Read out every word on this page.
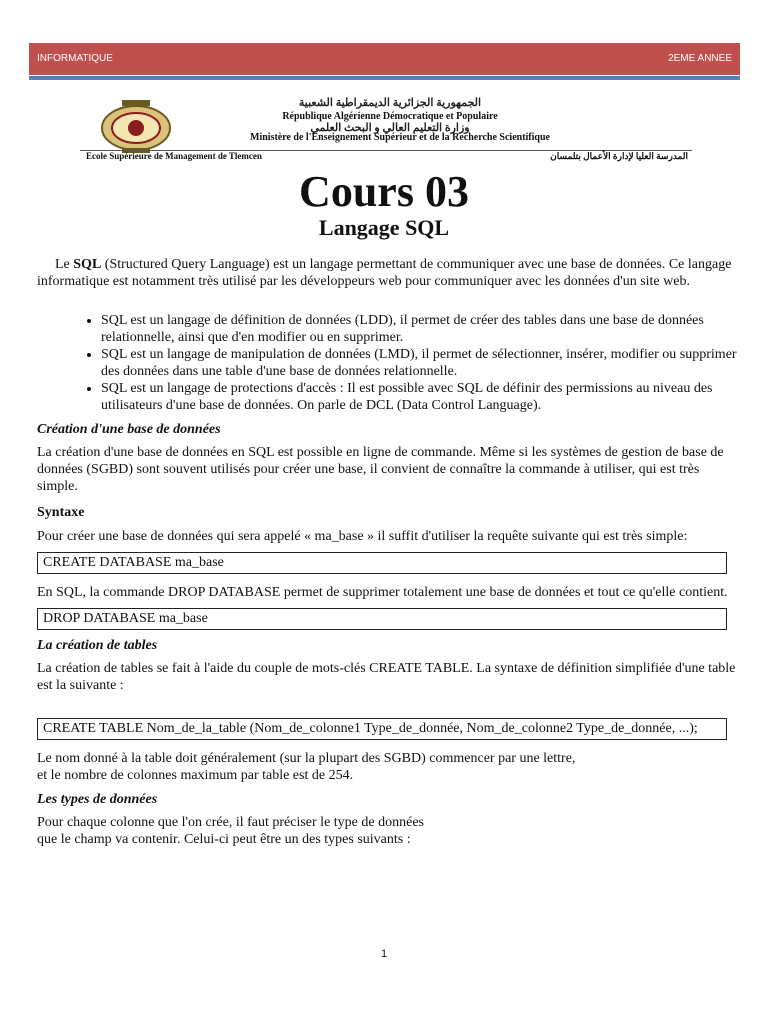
INFORMATIQUE	2EME ANNEE
الجمهورية الجزائرية الديمقراطية الشعبية
République Algérienne Démocratique et Populaire
وزارة التعليم العالي و البحث العلمي
Ministère de l'Enseignement Supérieur et de la Recherche Scientifique
Ecole Supérieure de Management de Tlemcen	المدرسة العليا لإدارة الأعمال بتلمسان
Cours 03
Langage SQL

Le SQL (Structured Query Language) est un langage permettant de communiquer avec une base de données. Ce langage informatique est notamment très utilisé par les développeurs web pour communiquer avec les données d'un site web.

• SQL est un langage de définition de données (LDD), il permet de créer des tables dans une base de données relationnelle, ainsi que d'en modifier ou en supprimer.
• SQL est un langage de manipulation de données (LMD), il permet de sélectionner, insérer, modifier ou supprimer des données dans une table d'une base de données relationnelle.
• SQL est un langage de protections d'accès : Il est possible avec SQL de définir des permissions au niveau des utilisateurs d'une base de données. On parle de DCL (Data Control Language).

Création d'une base de données

La création d'une base de données en SQL est possible en ligne de commande. Même si les systèmes de gestion de base de données (SGBD) sont souvent utilisés pour créer une base, il convient de connaître la commande à utiliser, qui est très simple.

Syntaxe

Pour créer une base de données qui sera appelé « ma_base » il suffit d'utiliser la requête suivante qui est très simple:

CREATE DATABASE ma_base

En SQL, la commande DROP DATABASE permet de supprimer totalement une base de données et tout ce qu'elle contient.

DROP DATABASE ma_base

La création de tables

La création de tables se fait à l'aide du couple de mots-clés CREATE TABLE. La syntaxe de définition simplifiée d'une table est la suivante :

CREATE TABLE Nom_de_la_table (Nom_de_colonne1 Type_de_donnée, Nom_de_colonne2 Type_de_donnée, ...);

Le nom donné à la table doit généralement (sur la plupart des SGBD) commencer par une lettre,

et le nombre de colonnes maximum par table est de 254.

Les types de données

Pour chaque colonne que l'on crée, il faut préciser le type de données

que le champ va contenir. Celui-ci peut être un des types suivants :

1
